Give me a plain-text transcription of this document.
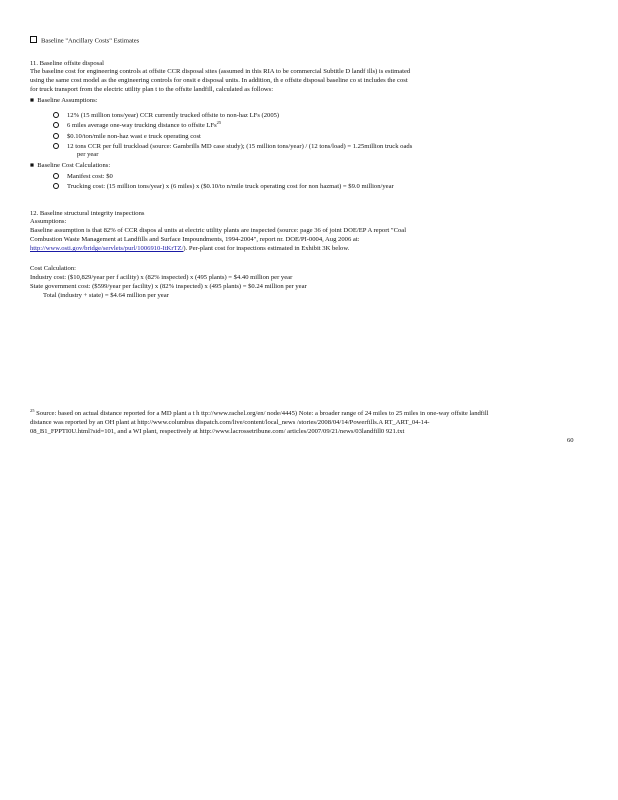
Baseline "Ancillary Costs" Estimates
11. Baseline offsite disposal
The baseline cost for engineering controls at offsite CCR disposal sites (assumed in this RIA to be commercial Subtitle D landf ills) is estimated
using the same cost model as the engineering controls for onsit e disposal units. In addition, th e offsite disposal baseline co st includes the cost
for truck transport from the electric utility plan t to the offsite landfill, calculated as follows:
■ Baseline Assumptions:
12% (15 million tons/year) CCR currently trucked offsite to non-haz LFs (2005)
6 miles average one-way trucking distance to offsite LFs$^{25}$
$0.10/ton/mile non-haz wast e truck operating cost
12 tons CCR per full truckload (source: Gambrills MD case study); (15 million tons/year) / (12 tons/load) = 1.25million truck oads
per year
■ Baseline Cost Calculations:
Manifest cost: $0
Trucking cost: (15 million tons/year) x (6 miles) x ($0.10/to n/mile truck operating cost for non hazmat) = $9.0 million/year
12. Baseline structural integrity inspections
Assumptions:
Baseline assumption is that 82% of CCR dispos al units at electric utility plants are inspected (source: page 36 of joint DOE/EP A report "Coal
Combustion Waste Management at Landfills and Surface Impoundments, 1994-2004", report nr. DOE/PI-0004, Aug 2006 at:
http://www.osti.gov/bridge/servlets/purl/1006910-ItKrTZ/). Per-plant cost for inspections estimated in Exhibit 3K below.
Cost Calculation:
Industry cost: ($10,829/year per f acility) x (82% inspected) x (495 plants) = $4.40 million per year
State government cost: ($599/year per facility) x (82% inspected) x (495 plants) = $0.24 million per year
Total (industry + state) = $4.64 million per year
$^{25}$ Source: based on actual distance reported for a MD plant a t h ttp://www.rachel.org/en/ node/4445) Note: a broader range of 24 miles to 25 miles in one-way offsite landfill
distance was reported by an OH plant at http://www.columbus dispatch.com/live/content/local_news /stories/2008/04/14/Powerfills.A RT_ART_04-14-
08_B1_FPPTI0U.html?sid=101, and a WI plant, respectively at http://www.lacrossetribune.com/ articles/2007/09/21/news/03landfill0 921.txt
60
